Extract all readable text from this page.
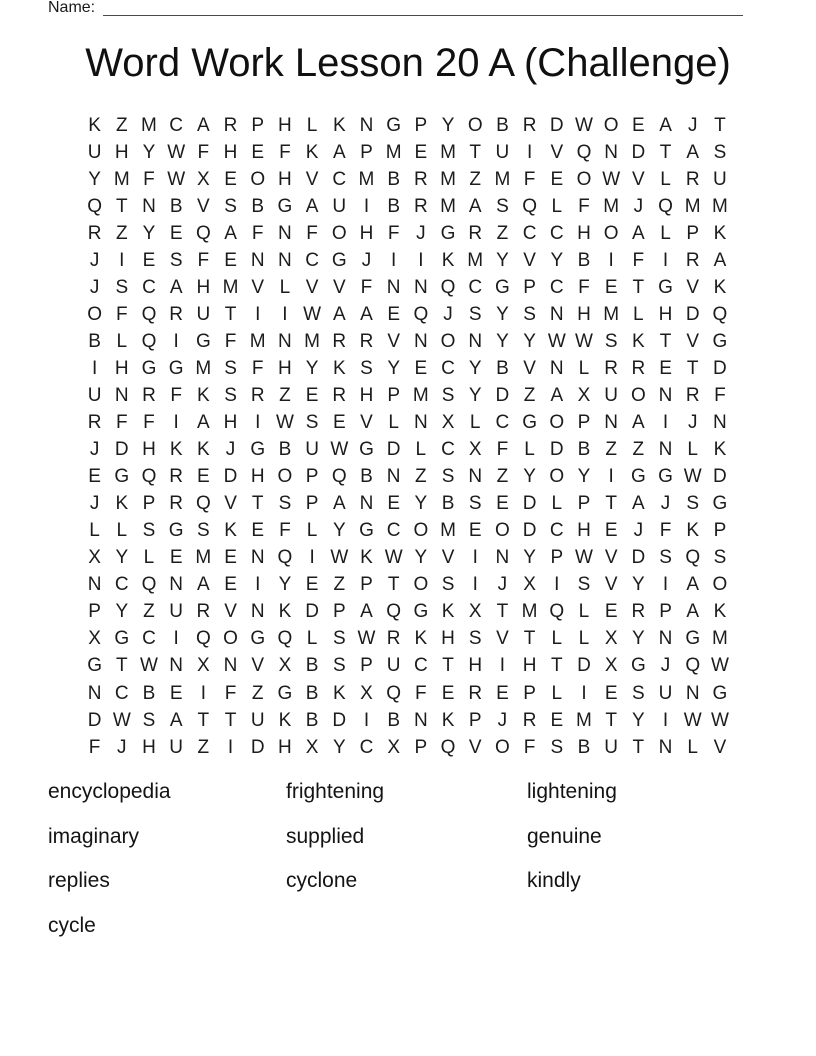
Name:
Word Work Lesson 20 A (Challenge)
K Z M C A R P H L K N G P Y O B R D W O E A J T
U H Y W F H E F K A P M E M T U I V Q N D T A S
Y M F W X E O H V C M B R M Z M F E O W V L R U
Q T N B V S B G A U I B R M A S Q L F M J Q M M
R Z Y E Q A F N F O H F J G R Z C C H O A L P K
J	I E S F E N N C G J	I	I K M Y V Y B I F I R A
J S C A H M V L V V F N N Q C G P C F E T G V K
O F Q R U T I	I W A A E Q J S Y S N H M L H D Q
B L Q I G F M N M R R V N O N Y Y W W S K T V G
I H G G M S F H Y K S Y E C Y B V N L R R E T D
U N R F K S R Z E R H P M S Y D Z A X U O N R F
R F F I A H I W S E V L N X L C G O P N A I	J N
J D H K K J G B U W G D L C X F L D B Z Z N L K
E G Q R E D H O P Q B N Z S N Z Y O Y I G G W D
J K P R Q V T S P A N E Y B S E D L P T A J S G
L L S G S K E F L Y G C O M E O D C H E J F K P
X Y L E M E N Q I W K W Y V I N Y P W V D S Q S
N C Q N A E I Y E Z P T O S I	J X I S V Y I A O
P Y Z U R V N K D P A Q G K X T M Q L E R P A K
X G C I Q O G Q L S W R K H S V T L L X Y N G M
G T W N X N V X B S P U C T H I H T D X G J Q W
N C B E I F Z G B K X Q F E R E P L	I E S U N G
D W S A T T U K B D I B N K P J R E M T Y I W W
F J H U Z I D H X Y C X P Q V O F S B U T N L V
encyclopedia	frightening	lightening
imaginary	supplied	genuine
replies	cyclone	kindly
cycle
